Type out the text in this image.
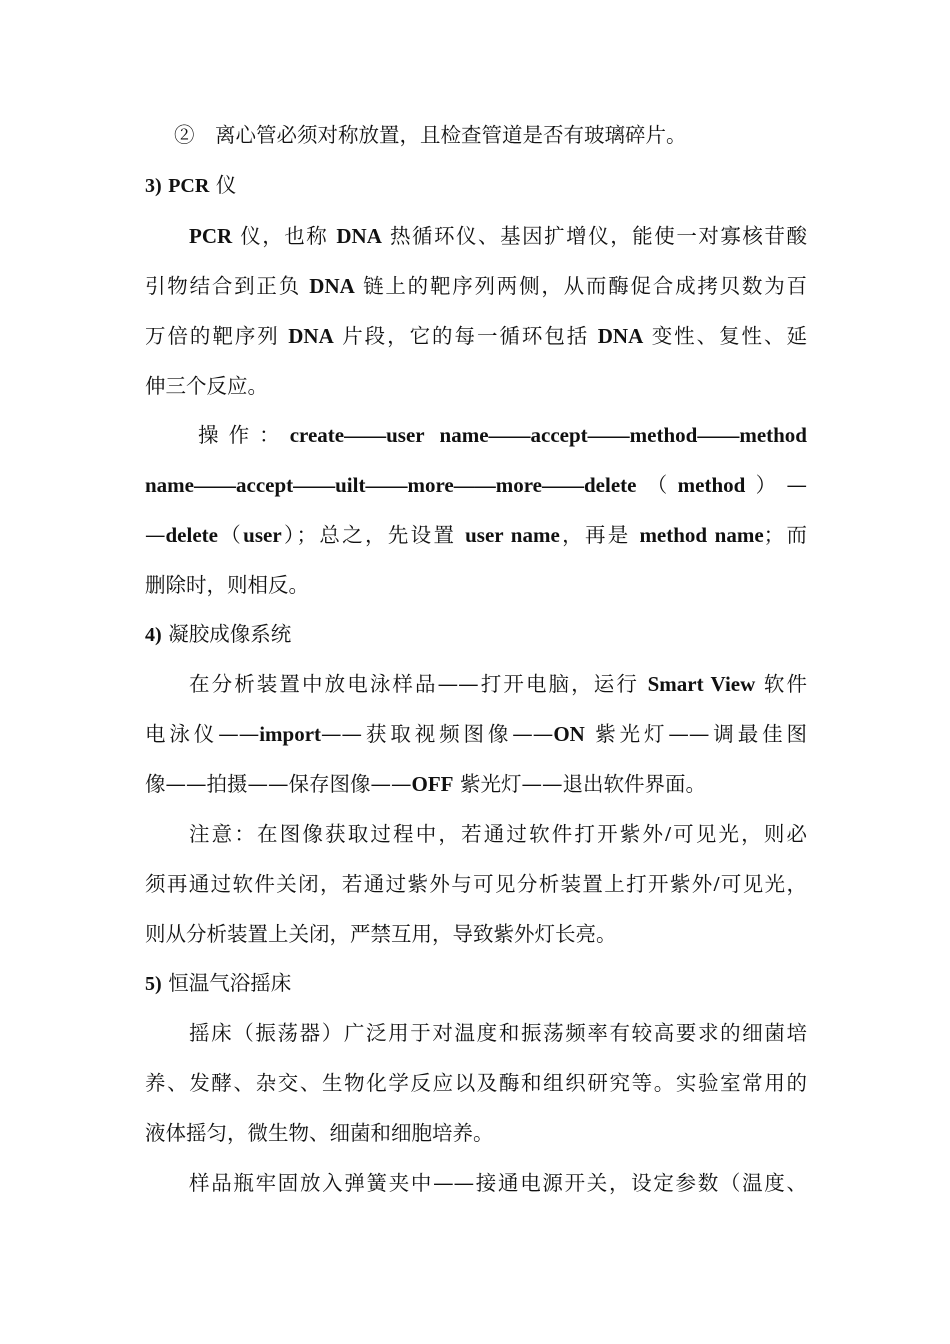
②　离心管必须对称放置，且检查管道是否有玻璃碎片。
3) PCR 仪
PCR 仪，也称 DNA 热循环仪、基因扩增仪，能使一对寡核苷酸
引物结合到正负 DNA 链上的靶序列两侧，从而酶促合成拷贝数为百
万倍的靶序列 DNA 片段，它的每一循环包括 DNA 变性、复性、延
伸三个反应。
操作：create——user name——accept——method——method
name——accept——uilt——more——more——delete（method）—
—delete（user）；总之，先设置 user name，再是 method name；而
删除时，则相反。
4) 凝胶成像系统
在分析装置中放电泳样品——打开电脑，运行 Smart View 软件
电泳仪——import——获取视频图像——ON 紫光灯——调最佳图
像——拍摄——保存图像——OFF 紫光灯——退出软件界面。
注意：在图像获取过程中，若通过软件打开紫外/可见光，则必
须再通过软件关闭，若通过紫外与可见分析装置上打开紫外/可见光，
则从分析装置上关闭，严禁互用，导致紫外灯长亮。
5) 恒温气浴摇床
摇床（振荡器）广泛用于对温度和振荡频率有较高要求的细菌培
养、发酵、杂交、生物化学反应以及酶和组织研究等。实验室常用的
液体摇匀，微生物、细菌和细胞培养。
样品瓶牢固放入弹簧夹中——接通电源开关，设定参数（温度、
